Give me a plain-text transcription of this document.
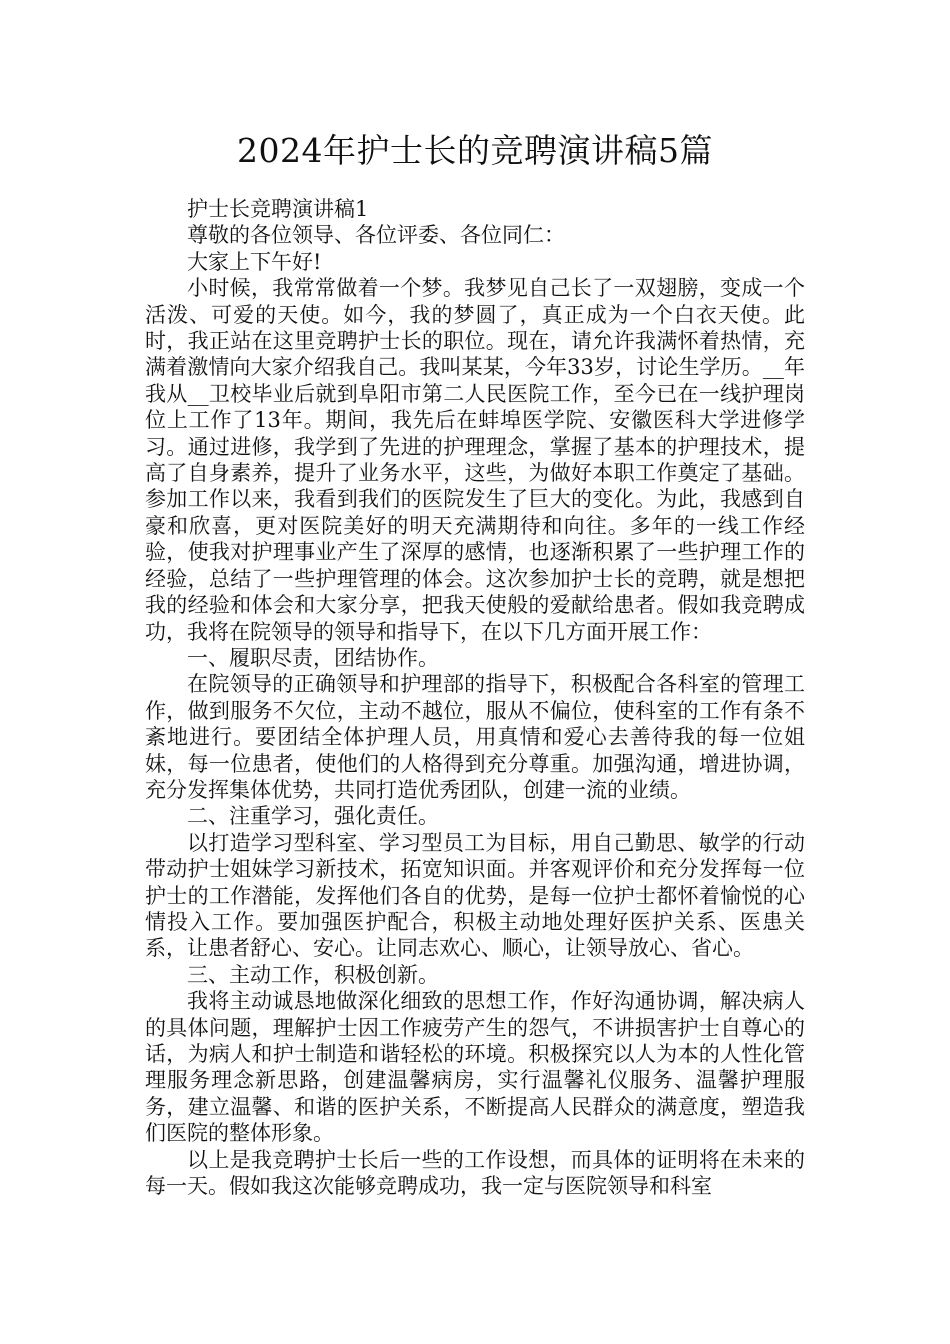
2024年护士长的竞聘演讲稿5篇

护士长竞聘演讲稿1

尊敬的各位领导、各位评委、各位同仁：

大家上下午好!

小时候，我常常做着一个梦。我梦见自己长了一双翅膀，变成一个活泼、可爱的天使。如今，我的梦圆了，真正成为一个白衣天使。此时，我正站在这里竞聘护士长的职位。现在，请允许我满怀着热情，充满着激情向大家介绍我自己。我叫某某，今年33岁，讨论生学历。__年我从__卫校毕业后就到阜阳市第二人民医院工作，至今已在一线护理岗位上工作了13年。期间，我先后在蚌埠医学院、安徽医科大学进修学习。通过进修，我学到了先进的护理理念，掌握了基本的护理技术，提高了自身素养，提升了业务水平，这些，为做好本职工作奠定了基础。参加工作以来，我看到我们的医院发生了巨大的变化。为此，我感到自豪和欣喜，更对医院美好的明天充满期待和向往。多年的一线工作经验，使我对护理事业产生了深厚的感情，也逐渐积累了一些护理工作的经验，总结了一些护理管理的体会。这次参加护士长的竞聘，就是想把我的经验和体会和大家分享，把我天使般的爱献给患者。假如我竞聘成功，我将在院领导的领导和指导下，在以下几方面开展工作：

一、履职尽责，团结协作。

在院领导的正确领导和护理部的指导下，积极配合各科室的管理工作，做到服务不欠位，主动不越位，服从不偏位，使科室的工作有条不紊地进行。要团结全体护理人员，用真情和爱心去善待我的每一位姐妹，每一位患者，使他们的人格得到充分尊重。加强沟通，增进协调，充分发挥集体优势，共同打造优秀团队，创建一流的业绩。

二、注重学习，强化责任。

以打造学习型科室、学习型员工为目标，用自己勤思、敏学的行动带动护士姐妹学习新技术，拓宽知识面。并客观评价和充分发挥每一位护士的工作潜能，发挥他们各自的优势，是每一位护士都怀着愉悦的心情投入工作。要加强医护配合，积极主动地处理好医护关系、医患关系，让患者舒心、安心。让同志欢心、顺心，让领导放心、省心。

三、主动工作，积极创新。

我将主动诚恳地做深化细致的思想工作，作好沟通协调，解决病人的具体问题，理解护士因工作疲劳产生的怨气，不讲损害护士自尊心的话，为病人和护士制造和谐轻松的环境。积极探究以人为本的人性化管理服务理念新思路，创建温馨病房，实行温馨礼仪服务、温馨护理服务，建立温馨、和谐的医护关系，不断提高人民群众的满意度，塑造我们医院的整体形象。

以上是我竞聘护士长后一些的工作设想，而具体的证明将在未来的每一天。假如我这次能够竞聘成功，我一定与医院领导和科室
